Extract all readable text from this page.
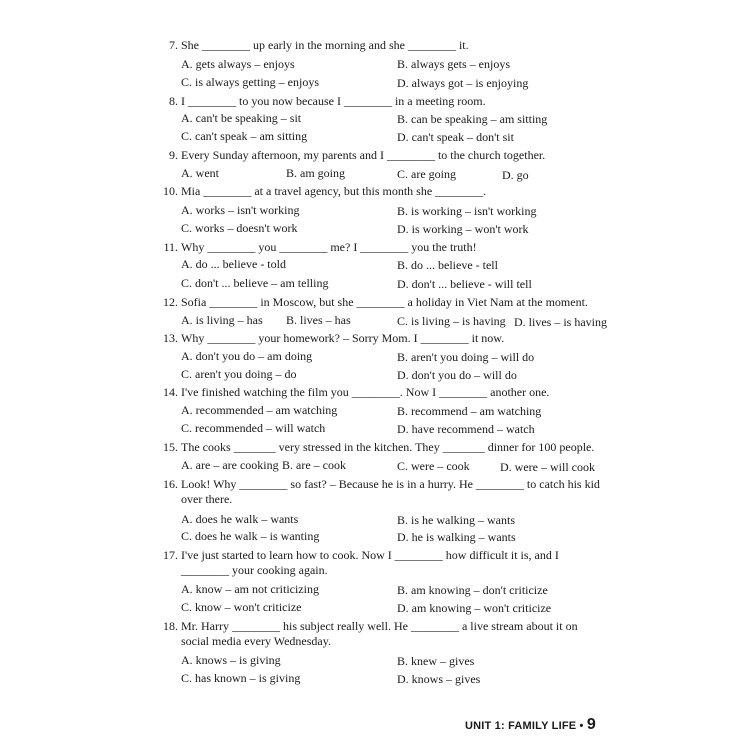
7. She ________ up early in the morning and she ________ it.
A. gets always – enjoys	B. always gets – enjoys
C. is always getting – enjoys	D. always got – is enjoying
8. I ________ to you now because I ________ in a meeting room.
A. can't be speaking – sit	B. can be speaking – am sitting
C. can't speak – am sitting	D. can't speak – don't sit
9. Every Sunday afternoon, my parents and I ________ to the church together.
A. went	B. am going	C. are going	D. go
10. Mia ________ at a travel agency, but this month she ________.
A. works – isn't working	B. is working – isn't working
C. works – doesn't work	D. is working – won't work
11. Why ________ you ________ me? I ________ you the truth!
A. do ... believe - told	B. do ... believe - tell
C. don't ... believe – am telling	D. don't ... believe - will tell
12. Sofia ________ in Moscow, but she ________ a holiday in Viet Nam at the moment.
A. is living – has B. lives – has	C. is living – is having D. lives – is having
13. Why ________ your homework? – Sorry Mom. I ________ it now.
A. don't you do – am doing	B. aren't you doing – will do
C. aren't you doing – do	D. don't you do – will do
14. I've finished watching the film you ________. Now I ________ another one.
A. recommended – am watching	B. recommend – am watching
C. recommended – will watch	D. have recommend – watch
15. The cooks _______ very stressed in the kitchen. They _______ dinner for 100 people.
A. are – are cooking B. are – cook	C. were – cook	D. were – will cook
16. Look! Why ________ so fast? – Because he is in a hurry. He ________ to catch his kid over there.
A. does he walk – wants	B. is he walking – wants
C. does he walk – is wanting	D. he is walking – wants
17. I've just started to learn how to cook. Now I ________ how difficult it is, and I ________ your cooking again.
A. know – am not criticizing	B. am knowing – don't criticize
C. know – won't criticize	D. am knowing – won't criticize
18. Mr. Harry ________ his subject really well. He ________ a live stream about it on social media every Wednesday.
A. knows – is giving	B. knew – gives
C. has known – is giving	D. knows – gives
UNIT 1: FAMILY LIFE • 9
